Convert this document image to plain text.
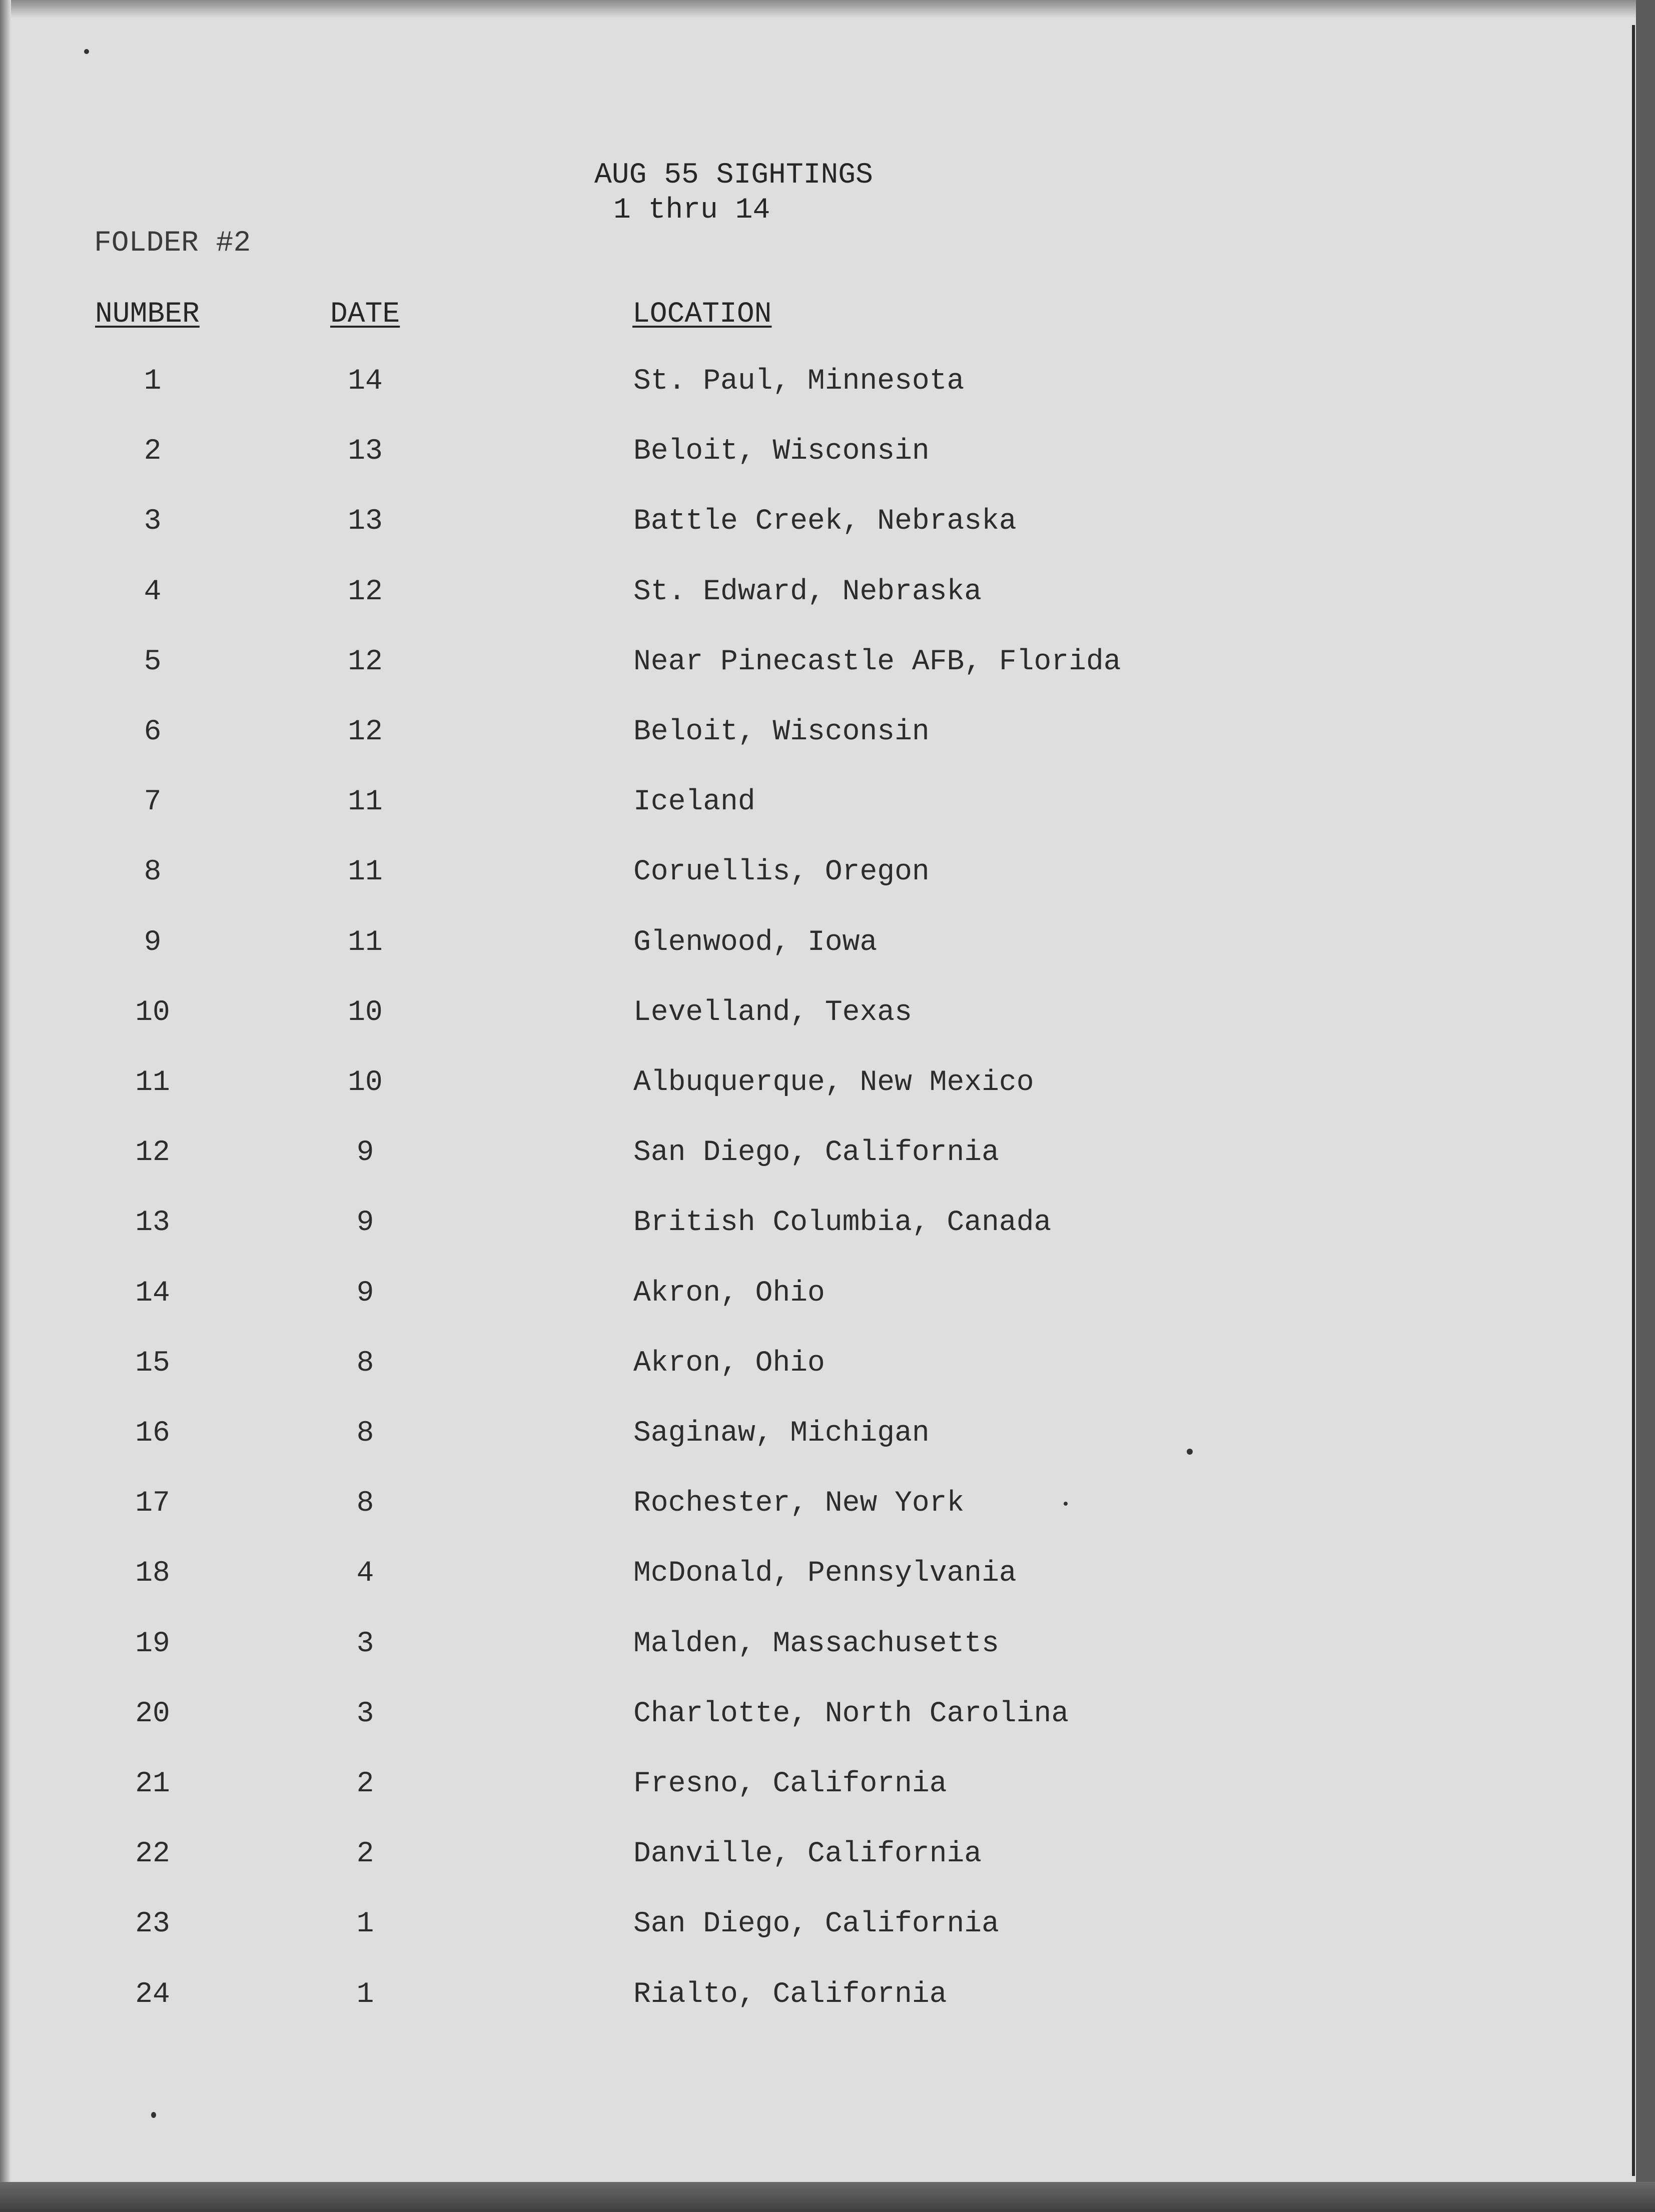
AUG 55 SIGHTINGS
1 thru 14
FOLDER #2
NUMBER	DATE	LOCATION
1	14	St. Paul, Minnesota
2	13	Beloit, Wisconsin
3	13	Battle Creek, Nebraska
4	12	St. Edward, Nebraska
5	12	Near Pinecastle AFB, Florida
6	12	Beloit, Wisconsin
7	11	Iceland
8	11	Coruellis, Oregon
9	11	Glenwood, Iowa
10	10	Levelland, Texas
11	10	Albuquerque, New Mexico
12	9	San Diego, California
13	9	British Columbia, Canada
14	9	Akron, Ohio
15	8	Akron, Ohio
16	8	Saginaw, Michigan
17	8	Rochester, New York
18	4	McDonald, Pennsylvania
19	3	Malden, Massachusetts
20	3	Charlotte, North Carolina
21	2	Fresno, California
22	2	Danville, California
23	1	San Diego, California
24	1	Rialto, California
